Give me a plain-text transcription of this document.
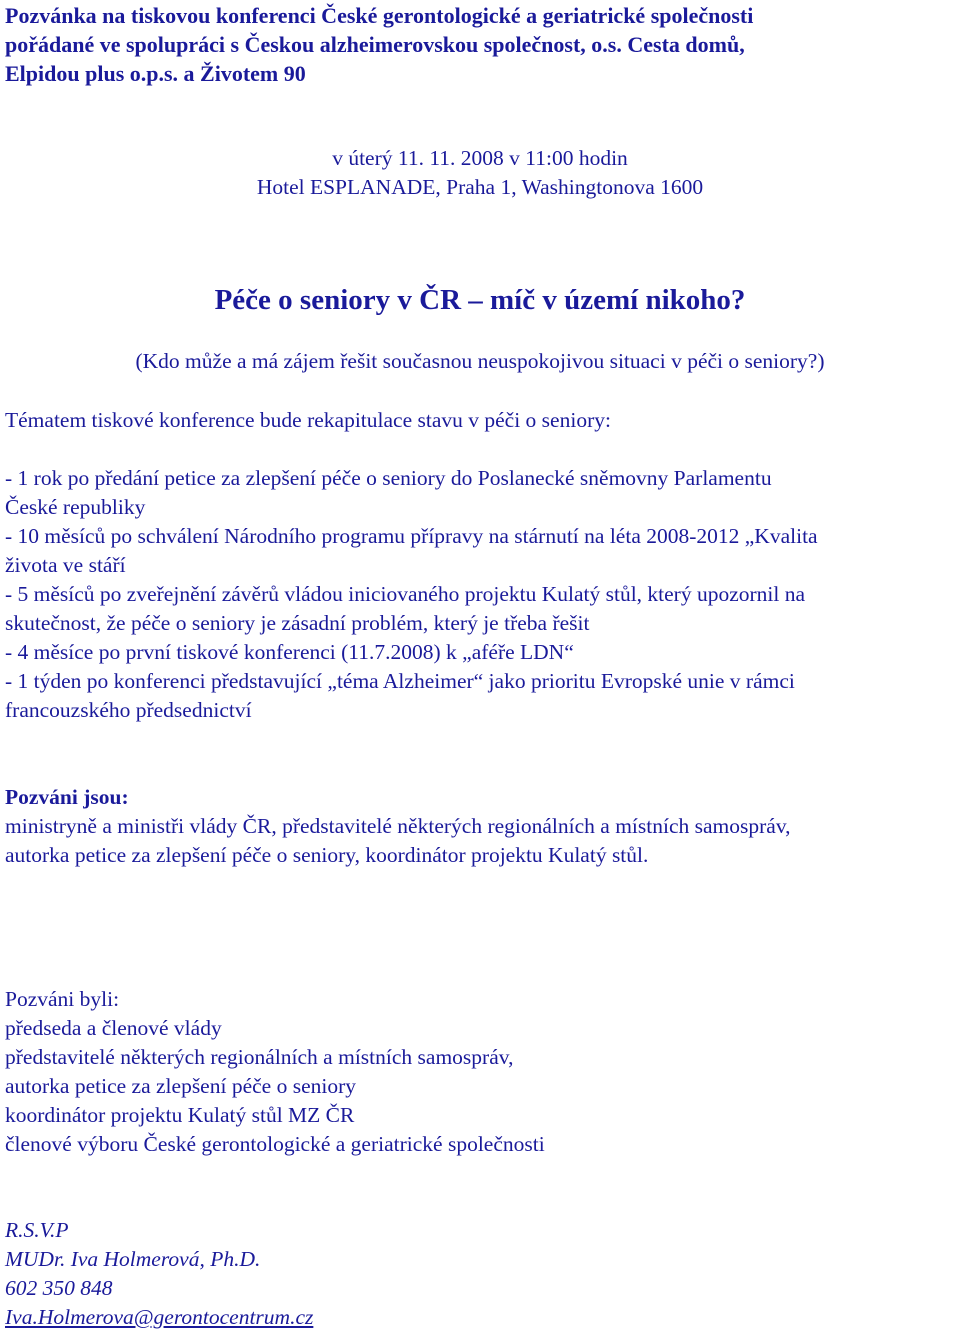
Pozvánka na tiskovou konferenci České gerontologické a geriatrické společnosti
pořádané ve spolupráci s Českou alzheimerovskou společnost, o.s. Cesta domů,
Elpidou plus o.p.s. a Životem 90
v úterý 11. 11. 2008 v 11:00 hodin
Hotel ESPLANADE, Praha 1, Washingtonova 1600
Péče o seniory v ČR – míč v území nikoho?
(Kdo může a má zájem řešit současnou neuspokojivou situaci v péči o seniory?)
Tématem tiskové konference bude rekapitulace stavu v péči o seniory:
- 1 rok po předání petice za zlepšení péče o seniory do Poslanecké sněmovny Parlamentu
České republiky
- 10 měsíců po schválení Národního programu přípravy na stárnutí na léta 2008-2012 „Kvalita
života ve stáří
- 5 měsíců po zveřejnění závěrů vládou iniciovaného projektu Kulatý stůl, který upozornil na
skutečnost, že péče o seniory je zásadní problém, který je třeba řešit
- 4 měsíce po první tiskové konferenci (11.7.2008) k „aféře LDN“
- 1 týden po konferenci představující „téma Alzheimer“ jako prioritu Evropské unie v rámci
francouzského předsednictví
Pozváni jsou:
ministryně a ministři vlády ČR, představitelé některých regionálních a místních samospráv,
autorka petice za zlepšení péče o seniory, koordinátor projektu Kulatý stůl.
Pozváni byli:
předseda a členové vlády
představitelé některých regionálních a místních samospráv,
autorka petice za zlepšení péče o seniory
koordinátor projektu Kulatý stůl MZ ČR
členové výboru České gerontologické a geriatrické společnosti
R.S.V.P
MUDr. Iva Holmerová, Ph.D.
602 350 848
Iva.Holmerova@gerontocentrum.cz
